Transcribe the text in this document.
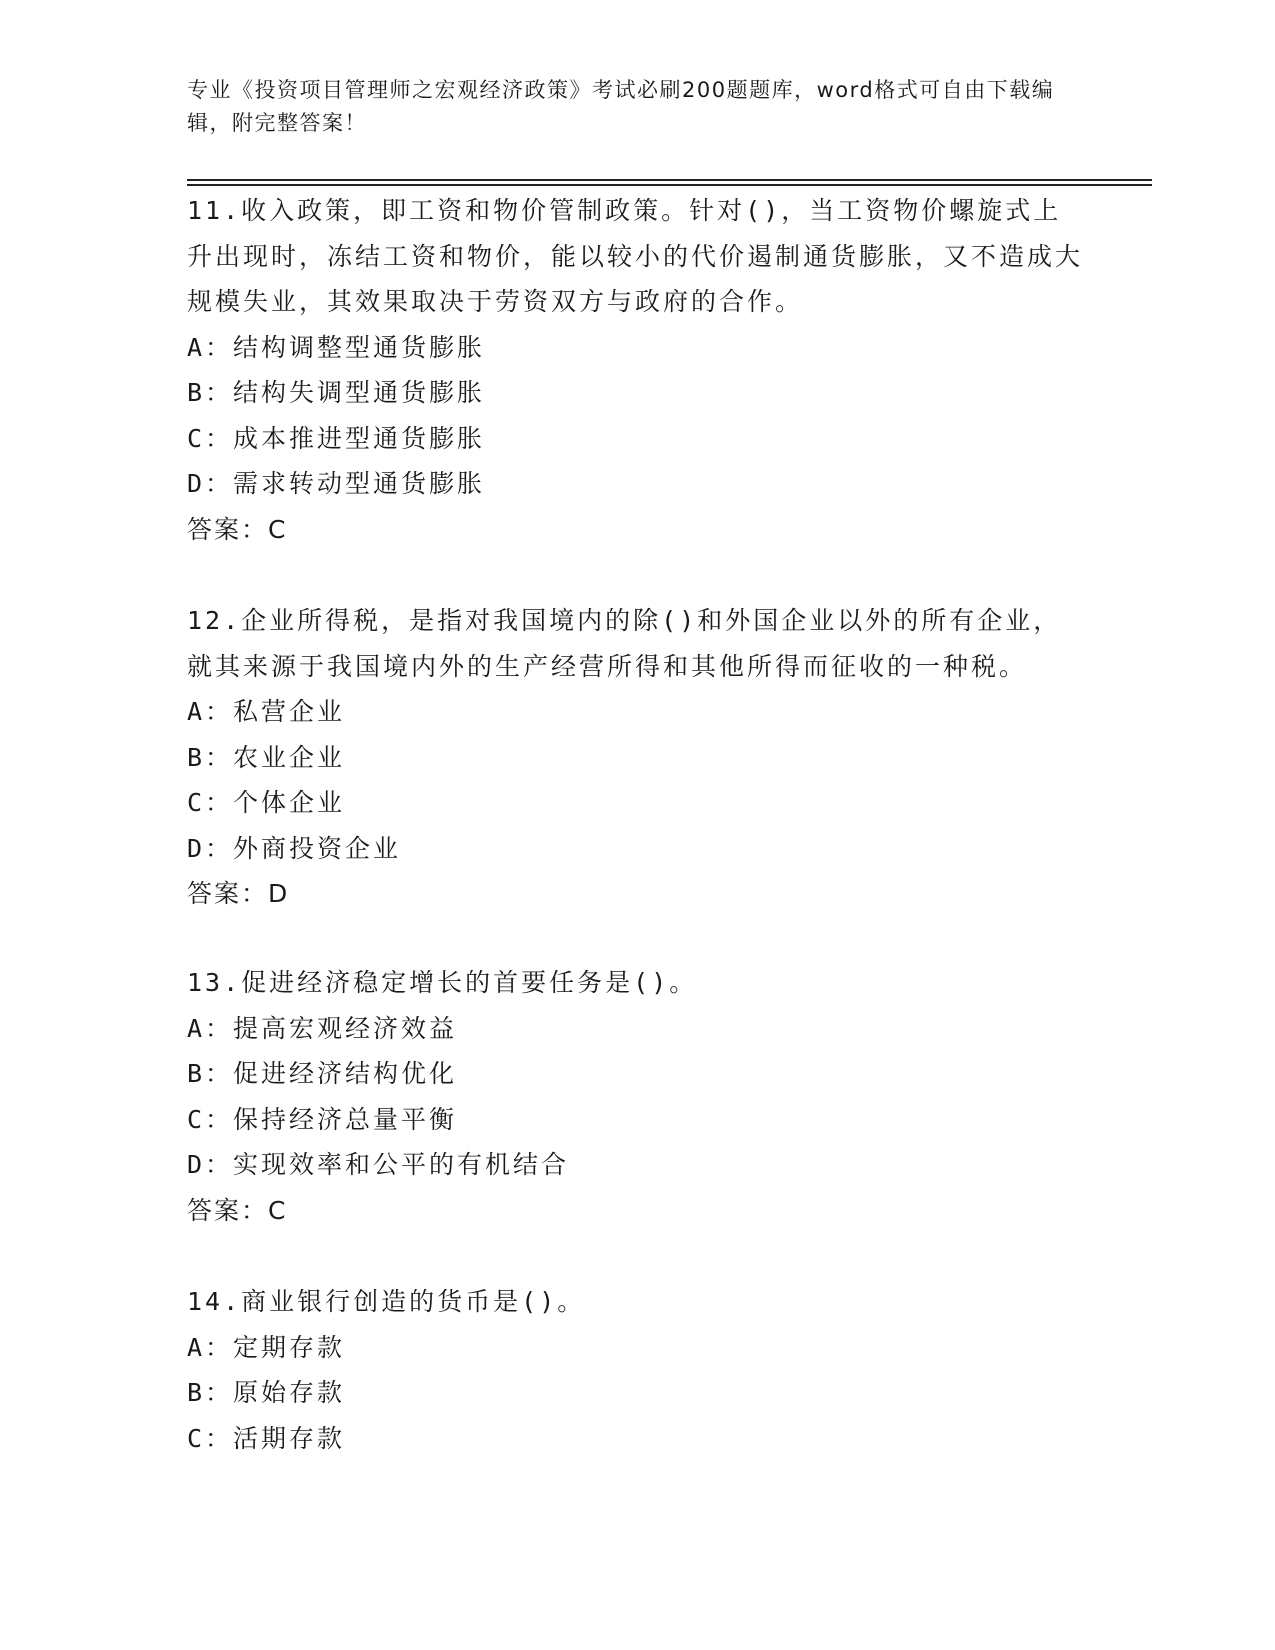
专业《投资项目管理师之宏观经济政策》考试必刷200题题库，word格式可自由下载编辑，附完整答案！

11.收入政策，即工资和物价管制政策。针对()，当工资物价螺旋式上升出现时，冻结工资和物价，能以较小的代价遏制通货膨胀，又不造成大规模失业，其效果取决于劳资双方与政府的合作。

A：结构调整型通货膨胀

B：结构失调型通货膨胀

C：成本推进型通货膨胀

D：需求转动型通货膨胀

答案：C

12.企业所得税，是指对我国境内的除()和外国企业以外的所有企业，就其来源于我国境内外的生产经营所得和其他所得而征收的一种税。

A：私营企业

B：农业企业

C：个体企业

D：外商投资企业

答案：D

13.促进经济稳定增长的首要任务是()。

A：提高宏观经济效益

B：促进经济结构优化

C：保持经济总量平衡

D：实现效率和公平的有机结合

答案：C

14.商业银行创造的货币是()。

A：定期存款

B：原始存款

C：活期存款
